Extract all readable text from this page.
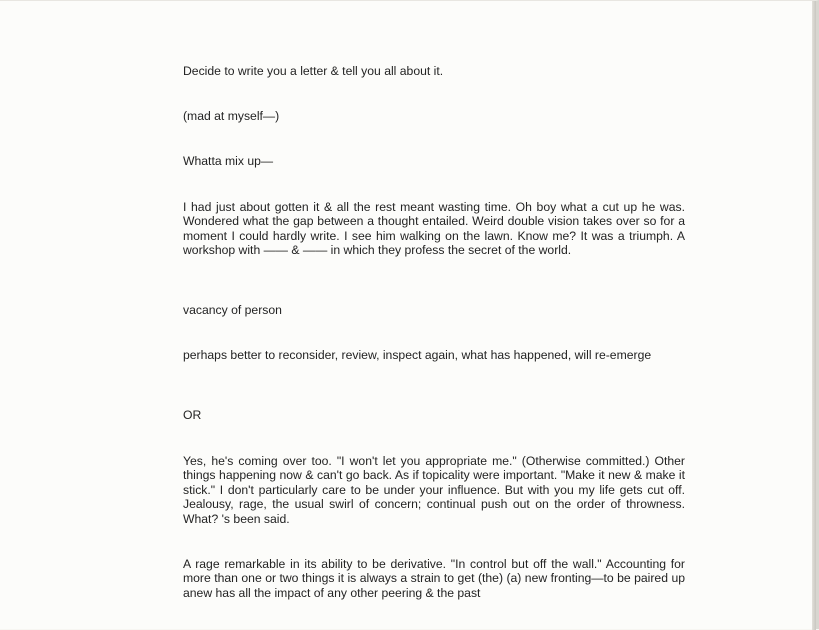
Decide to write you a letter & tell you all about it.

(mad at myself—)

Whatta mix up—

I had just about gotten it & all the rest meant wasting time. Oh boy what a cut up he was. Wondered what the gap between a thought entailed. Weird double vision takes over so for a moment I could hardly write. I see him walking on the lawn. Know me? It was a triumph. A workshop with —— & —— in which they profess the secret of the world.

vacancy of person

perhaps better to reconsider, review, inspect again, what has happened, will re-emerge

OR

Yes, he's coming over too. "I won't let you appropriate me." (Otherwise committed.) Other things happening now & can't go back. As if topicality were important. "Make it new & make it stick." I don't particularly care to be under your influence. But with you my life gets cut off. Jealousy, rage, the usual swirl of concern; continual push out on the order of throwness. What? 's been said.

A rage remarkable in its ability to be derivative. "In control but off the wall." Accounting for more than one or two things it is always a strain to get (the) (a) new fronting—to be paired up anew has all the impact of any other peering & the past
